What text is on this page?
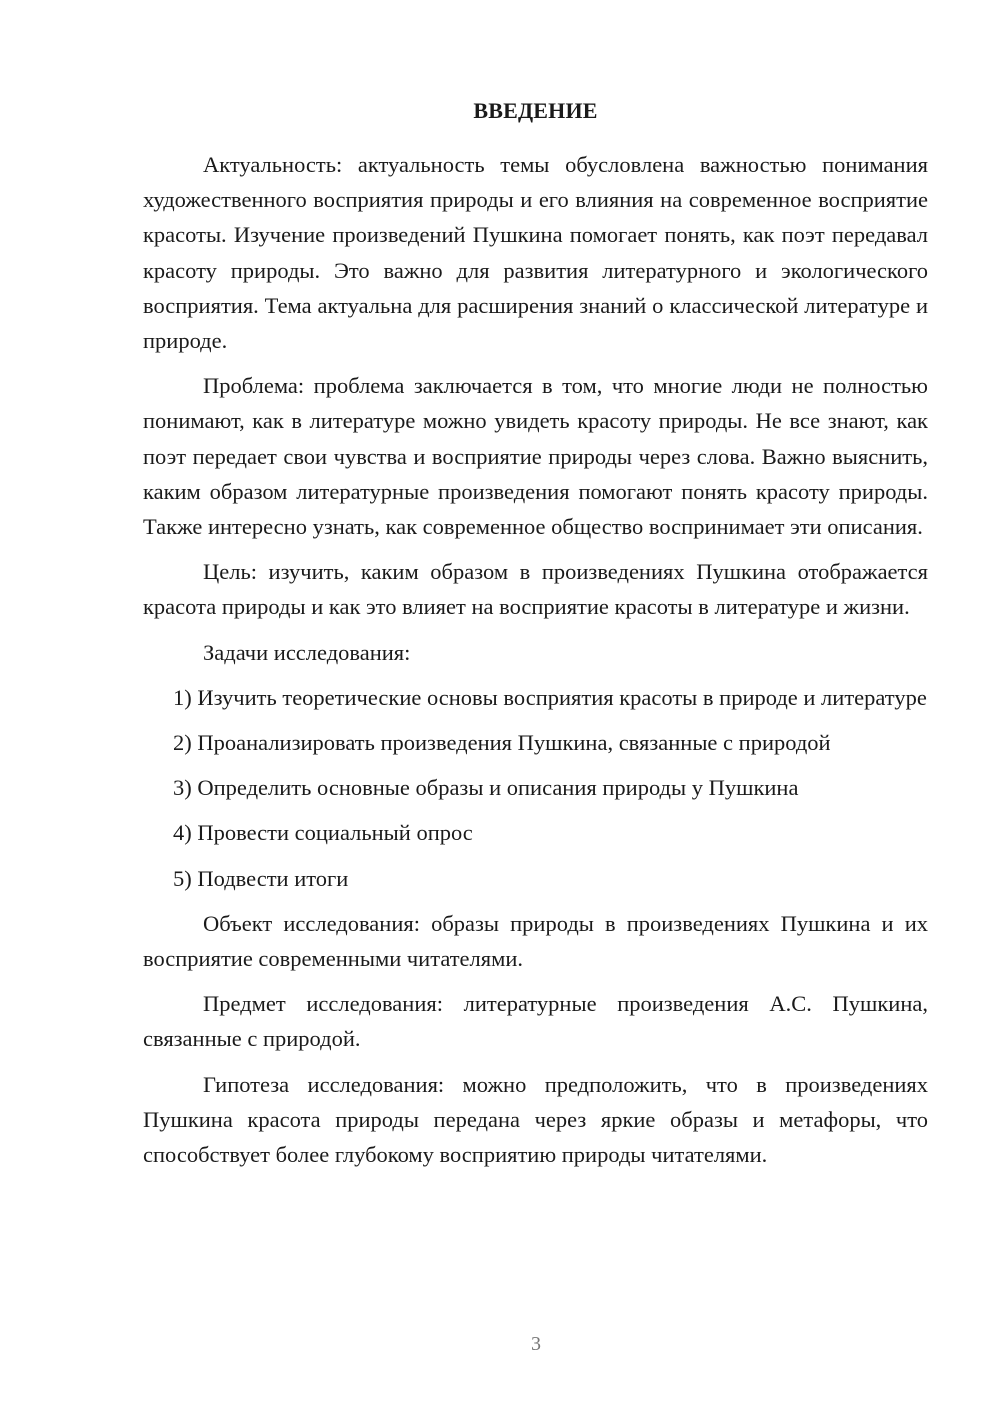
ВВЕДЕНИЕ

Актуальность: актуальность темы обусловлена важностью понимания художественного восприятия природы и его влияния на современное восприятие красоты. Изучение произведений Пушкина помогает понять, как поэт передавал красоту природы. Это важно для развития литературного и экологического восприятия. Тема актуальна для расширения знаний о классической литературе и природе.

Проблема: проблема заключается в том, что многие люди не полностью понимают, как в литературе можно увидеть красоту природы. Не все знают, как поэт передает свои чувства и восприятие природы через слова. Важно выяснить, каким образом литературные произведения помогают понять красоту природы. Также интересно узнать, как современное общество воспринимает эти описания.

Цель: изучить, каким образом в произведениях Пушкина отображается красота природы и как это влияет на восприятие красоты в литературе и жизни.

Задачи исследования:

1) Изучить теоретические основы восприятия красоты в природе и литературе

2) Проанализировать произведения Пушкина, связанные с природой

3) Определить основные образы и описания природы у Пушкина

4) Провести социальный опрос

5) Подвести итоги

Объект исследования: образы природы в произведениях Пушкина и их восприятие современными читателями.

Предмет исследования: литературные произведения А.С. Пушкина, связанные с природой.

Гипотеза исследования: можно предположить, что в произведениях Пушкина красота природы передана через яркие образы и метафоры, что способствует более глубокому восприятию природы читателями.

3
